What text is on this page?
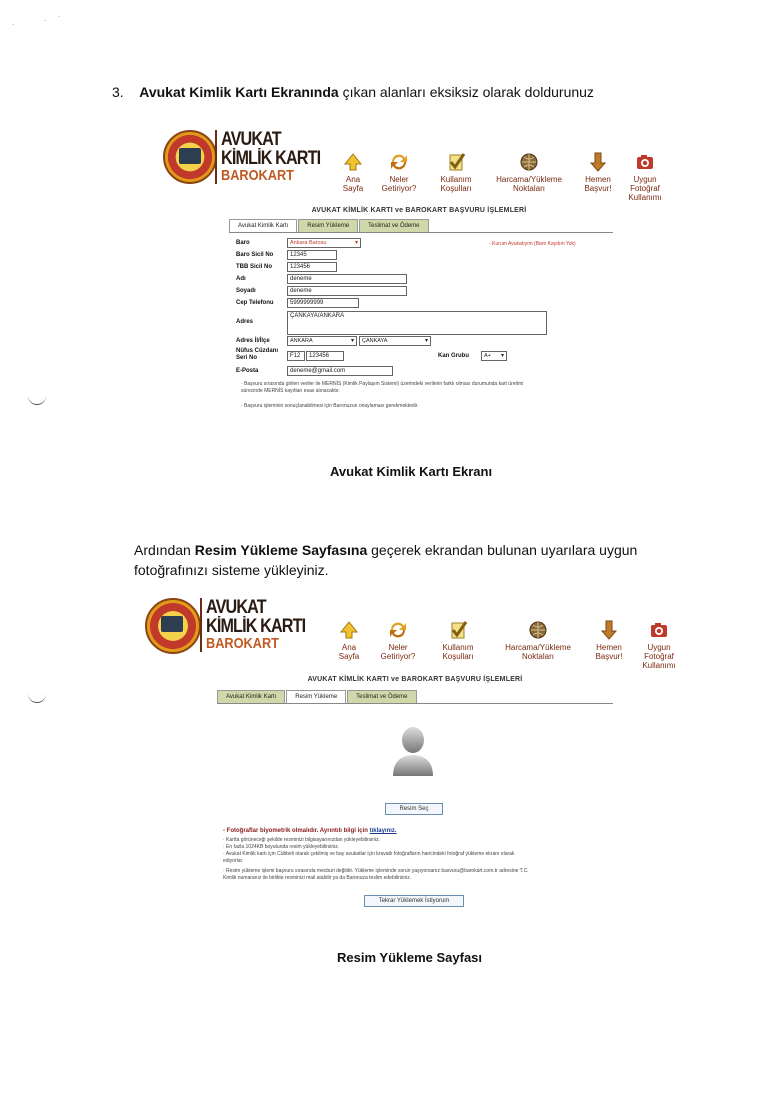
.	. .
3. Avukat Kimlik Kartı Ekranında çıkan alanları eksiksiz olarak doldurunuz
AVUKAT
KİMLİK KARTI
BAROKART	Ana Sayfa
Neler Getiriyor?
Kullanım Koşulları
Harcama/Yükleme Noktaları
Hemen Başvur!
Uygun Fotoğraf Kullanımı
AVUKAT KİMLİK KARTI ve BAROKART BAŞVURU İŞLEMLERİ
Avukat Kimlik Kartı	Resim Yükleme	Teslimat ve Ödeme
Baro	Ankara Barosu ▾	▫ Kurum Avukatıyım (Baro Kaydım Yok)
Baro Sicil No	12345
TBB Sicil No	123456
Adı	deneme
Soyadı	deneme
Cep Telefonu	5999999999
Adres
ÇANKAYA/ANKARA
Adres İl/İlçe	ANKARA ▾	ÇANKAYA ▾
Nüfus Cüzdanı Seri No	F12	123456	Kan Grubu	A+ ▾
E-Posta	deneme@gmail.com
· Başvuru sırasında girilen veriler ile MERNİS (Kimlik Paylaşım Sistemi) üzerindeki verilerin farklı olması durumunda kart üretimi
sürecinde MERNİS kayıtları esas alınacaktır.
· Başvuru işleminin sonuçlanabilmesi için Baronuzun onaylaması gerekmektedir.
Avukat Kimlik Kartı Ekranı
Ardından Resim Yükleme Sayfasına geçerek ekrandan bulunan uyarılara uygun fotoğrafınızı sisteme yükleyiniz.
AVUKAT
KİMLİK KARTI
BAROKART	Ana Sayfa
Neler Getiriyor?
Kullanım Koşulları
Harcama/Yükleme Noktaları
Hemen Başvur!
Uygun Fotoğraf Kullanımı
AVUKAT KİMLİK KARTI ve BAROKART BAŞVURU İŞLEMLERİ
Avukat Kimlik Kartı	Resim Yükleme	Teslimat ve Ödeme
Resim Seç
- Fotoğraflar biyometrik olmalıdır. Ayrıntılı bilgi için tıklayınız.
· Kartta görüneceği şekilde resminizi bilgisayarınızdan yükleyebilirsiniz.
· En fazla 1024KB boyutunda resim yükleyebilirsiniz.
· Avukat Kimlik kartı için Cübbeli olarak çekilmiş ve bay avukatlar için kravatlı fotoğrafların haricindeki fotoğraf yükleme ekranı olarak
ediyorlar.
· Resim yükleme işlemi başvuru sırasında mecburi değildir. Yükleme işleminde sorun yaşıyorsanız basvuru@barokart.com.tr adresine T.C.
Kimlik numaranız ile birlikte resminizi mail atabilir ya da Baronuza teslim edebilirsiniz.
Tekrar Yüklemek İstiyorum
Resim Yükleme Sayfası
